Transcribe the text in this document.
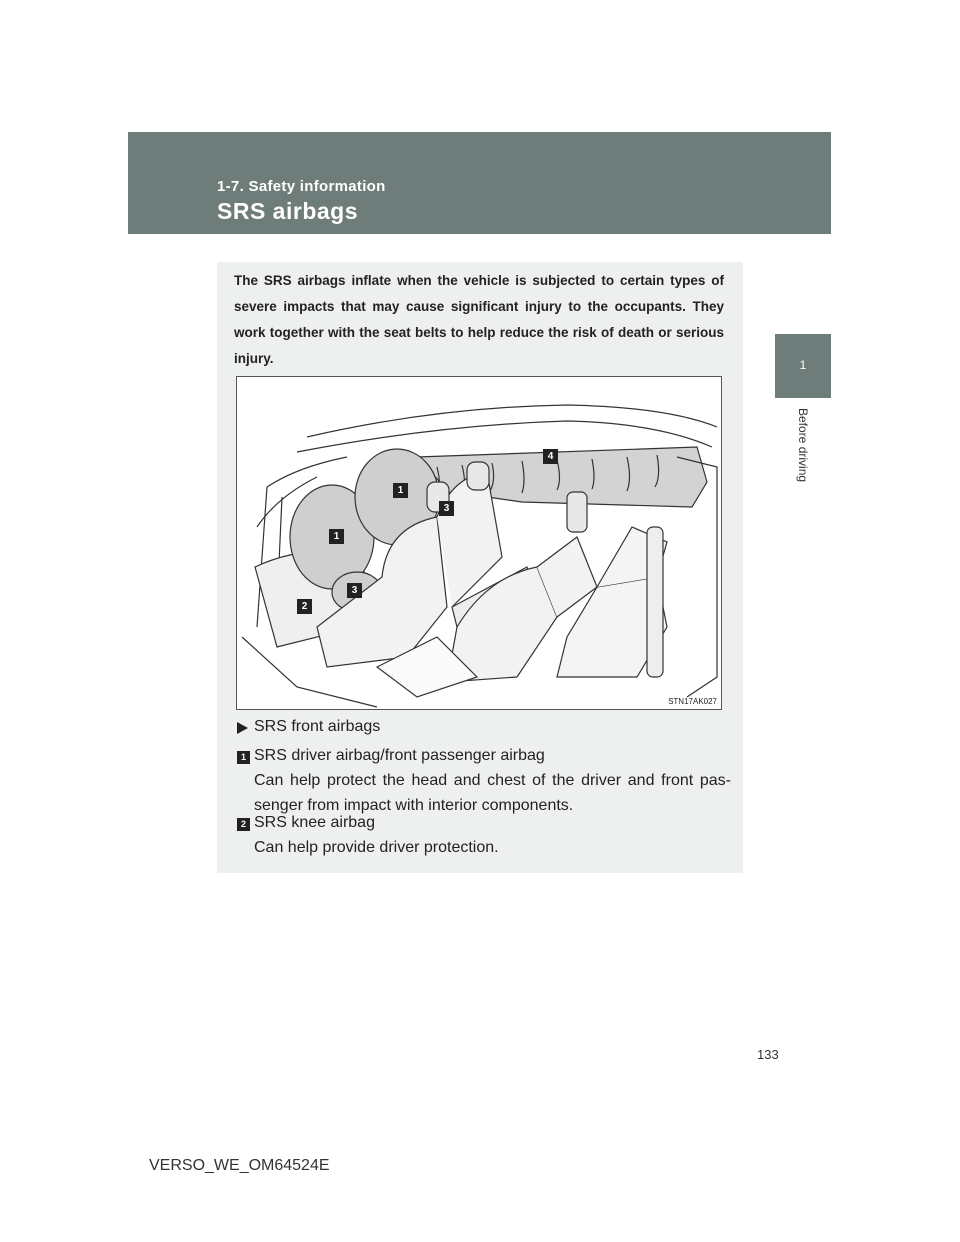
1-7. Safety information
SRS airbags
1
Before driving
The SRS airbags inflate when the vehicle is subjected to certain types of severe impacts that may cause significant injury to the occupants. They work together with the seat belts to help reduce the risk of death or serious injury.
1
1
2
3
3
4
STN17AK027
SRS front airbags
1 SRS driver airbag/front passenger airbag
Can help protect the head and chest of the driver and front pas-
senger from impact with interior components.
2 SRS knee airbag
Can help provide driver protection.
133
VERSO_WE_OM64524E
